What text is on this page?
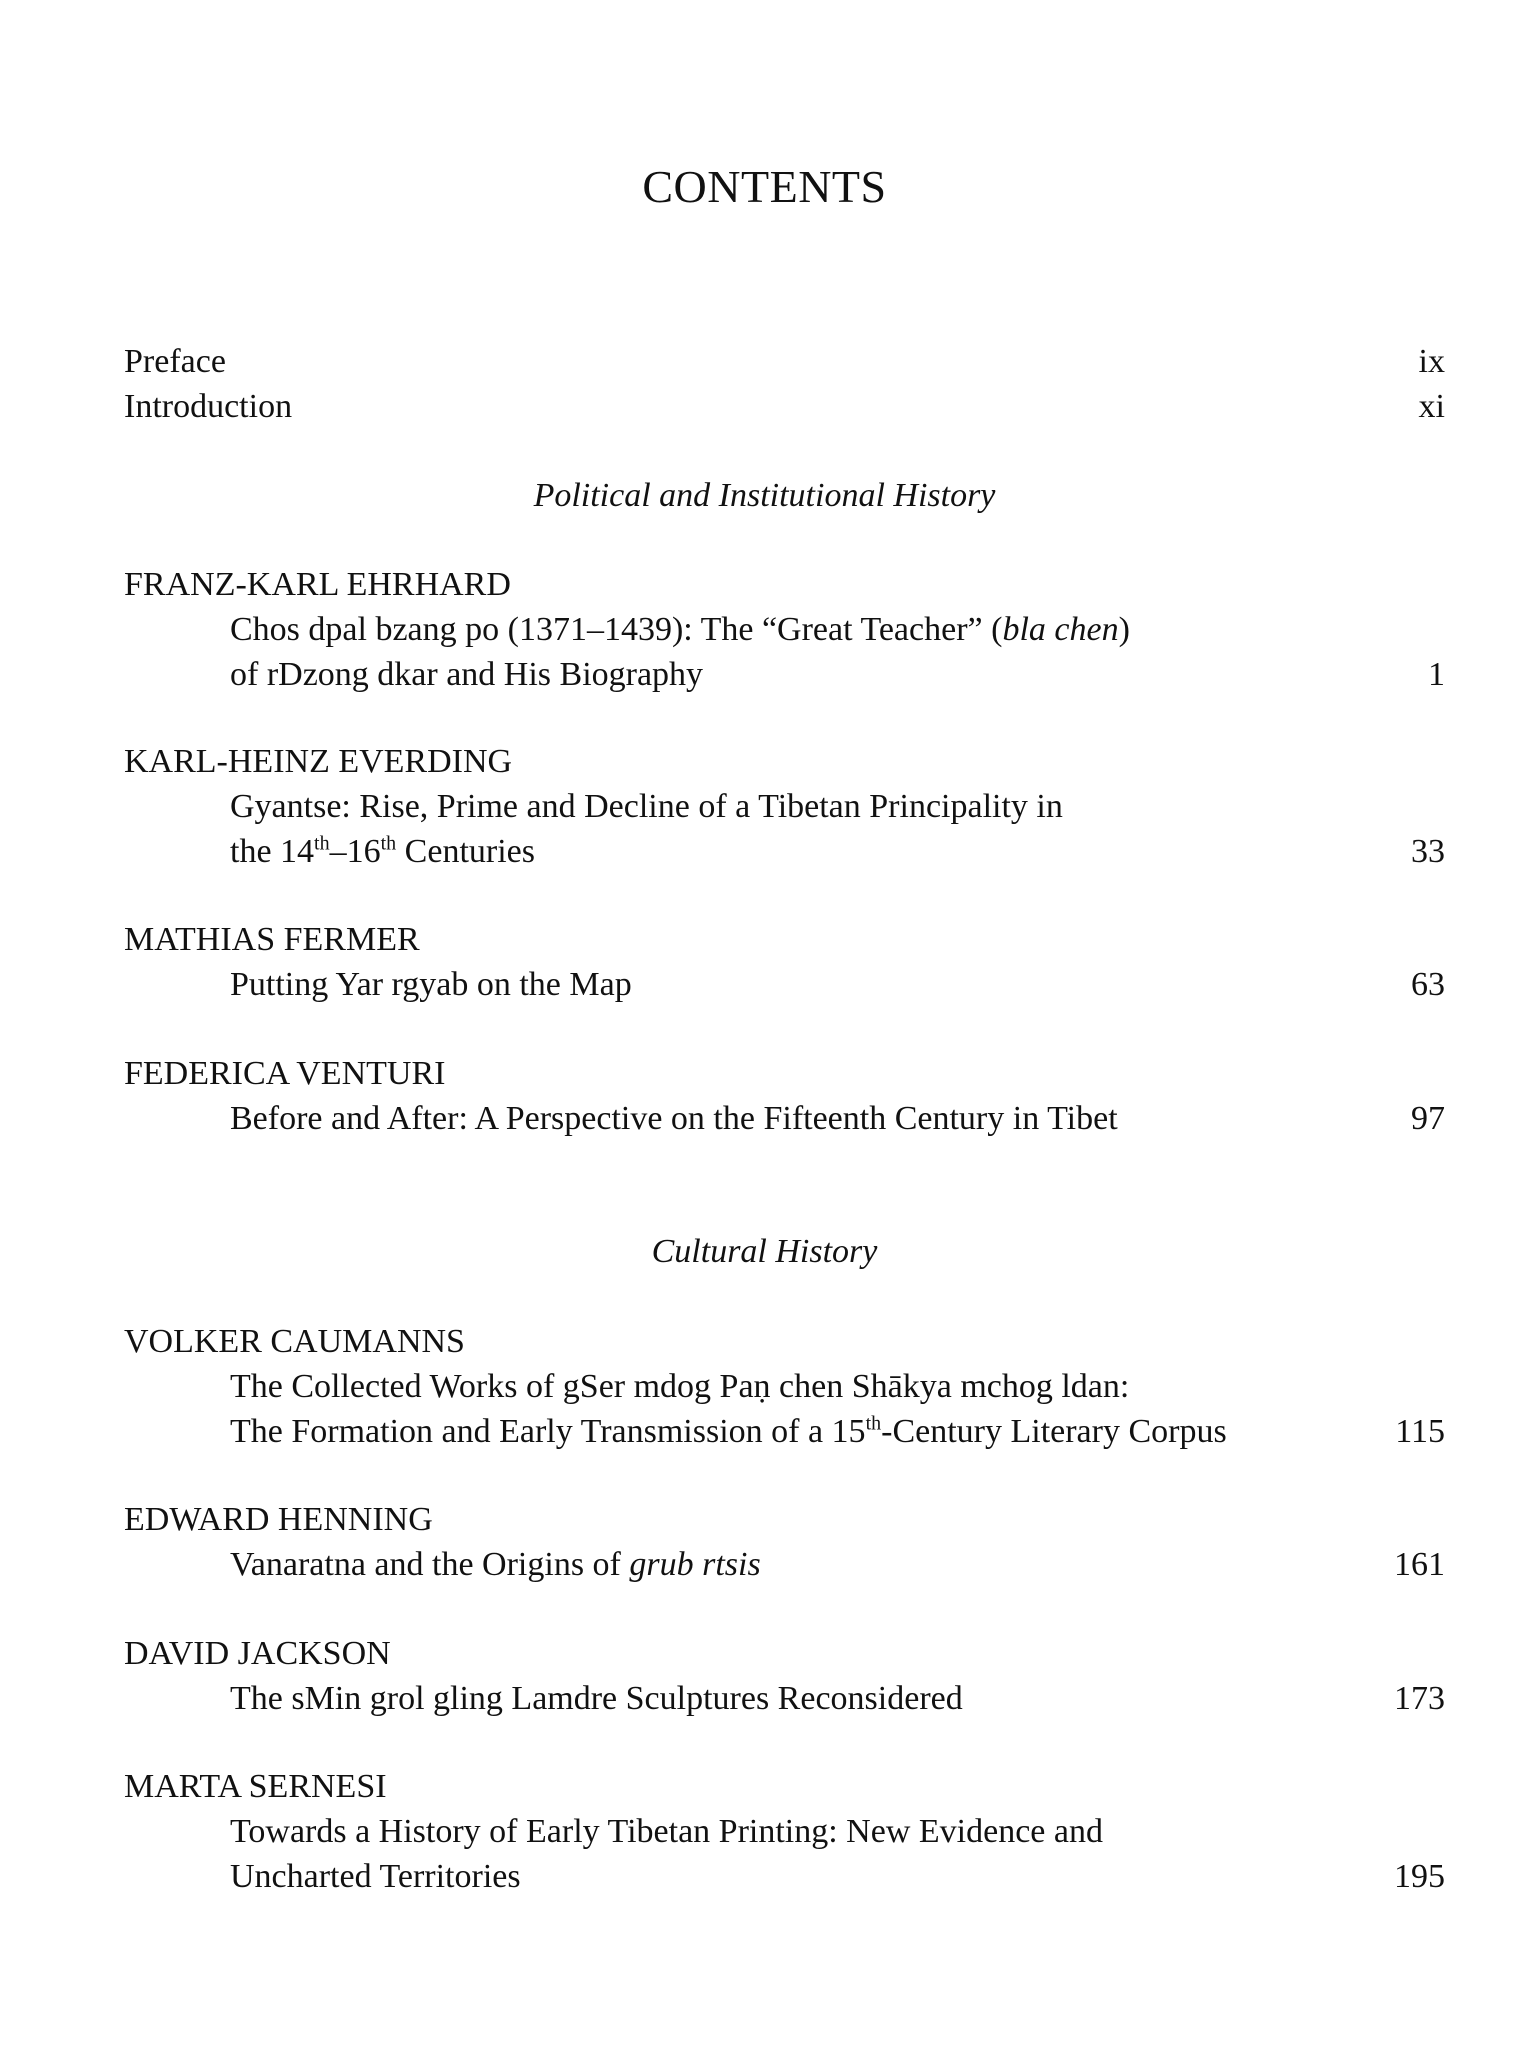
CONTENTS
Preface	ix
Introduction	xi
Political and Institutional History
FRANZ-KARL EHRHARD
Chos dpal bzang po (1371–1439): The “Great Teacher” (bla chen)
of rDzong dkar and His Biography	1
KARL-HEINZ EVERDING
Gyantse: Rise, Prime and Decline of a Tibetan Principality in
the 14th–16th Centuries	33
MATHIAS FERMER
Putting Yar rgyab on the Map	63
FEDERICA VENTURI
Before and After: A Perspective on the Fifteenth Century in Tibet	97
Cultural History
VOLKER CAUMANNS
The Collected Works of gSer mdog Paṇ chen Shākya mchog ldan:
The Formation and Early Transmission of a 15th-Century Literary Corpus	115
EDWARD HENNING
Vanaratna and the Origins of grub rtsis	161
DAVID JACKSON
The sMin grol gling Lamdre Sculptures Reconsidered	173
MARTA SERNESI
Towards a History of Early Tibetan Printing: New Evidence and
Uncharted Territories	195
